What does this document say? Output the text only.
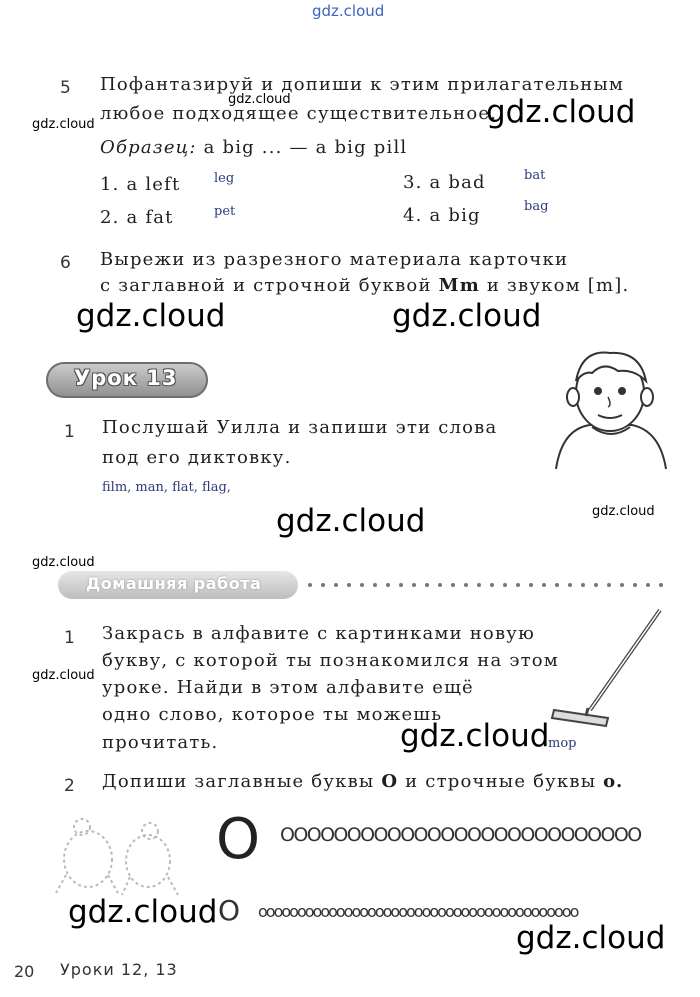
gdz.cloud
5 Пофантазируй и допиши к этим прилагательным
любое подходящее существительное.
gdz.cloud
gdz.cloud	gdz.cloud
Образец: a big ... — a big pill
1. a left	leg
2. a fat	pet
3. a bad	bat
4. a big	bag
6 Вырежи из разрезного материала карточки
с заглавной и строчной буквой Mm и звуком [m].
gdz.cloud	gdz.cloud
Урок 13
1 Послушай Уилла и запиши эти слова
под его диктовку.
film, man, flat, flag,
gdz.cloud	gdz.cloud
gdz.cloud
Домашняя работа
1 Закрась в алфавите с картинками новую
букву, с которой ты познакомился на этом
уроке. Найди в этом алфавите ещё
одно слово, которое ты можешь
прочитать.
gdz.cloud
mop
gdz.cloud
2 Допиши заглавные буквы O и строчные буквы o.
O OOOOOOOOOOOOOOOOOOOOOOOOOOO
gdz.cloud O ooooooooooooooooooooooooooooooooooooooooo
gdz.cloud
20 Уроки 12, 13
